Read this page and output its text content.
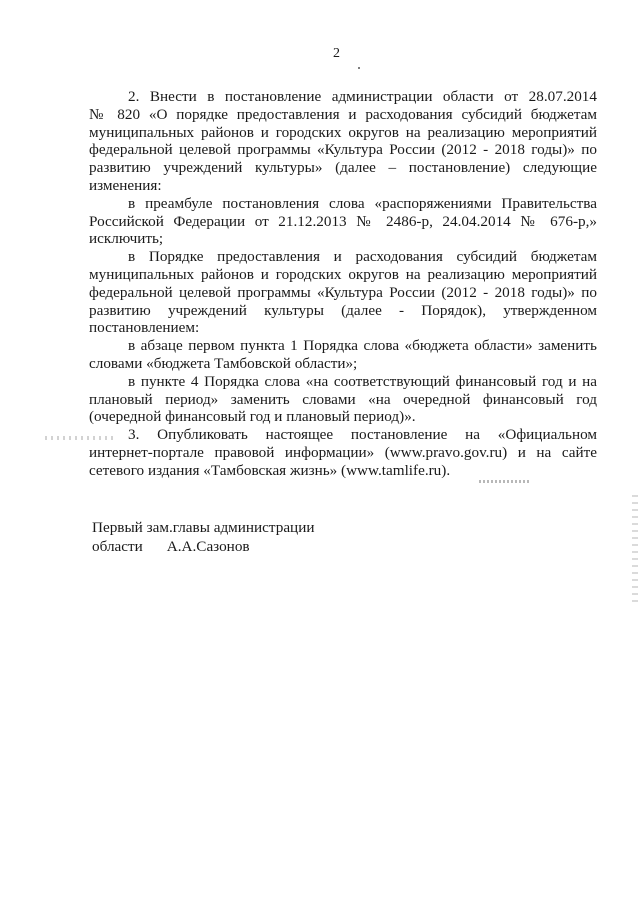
2

2. Внести в постановление администрации области от 28.07.2014
№ 820 «О порядке предоставления и расходования субсидий бюджетам
муниципальных районов и городских округов на реализацию мероприятий
федеральной целевой программы «Культура России (2012 - 2018 годы)» по
развитию учреждений культуры» (далее – постановление) следующие
изменения:

в преамбуле постановления слова «распоряжениями Правительства
Российской Федерации от 21.12.2013 № 2486-р, 24.04.2014 № 676-р,»
исключить;

в Порядке предоставления и расходования субсидий бюджетам
муниципальных районов и городских округов на реализацию мероприятий
федеральной целевой программы «Культура России (2012 - 2018 годы)» по
развитию учреждений культуры (далее - Порядок), утвержденном
постановлением:

в абзаце первом пункта 1 Порядка слова «бюджета области» заменить
словами «бюджета Тамбовской области»;

в пункте 4 Порядка слова «на соответствующий финансовый год и на
плановый период» заменить словами «на очередной финансовый год
(очередной финансовый год и плановый период)».

3. Опубликовать настоящее постановление на «Официальном
интернет-портале правовой информации» (www.pravo.gov.ru) и на сайте
сетевого издания «Тамбовская жизнь» (www.tamlife.ru).

Первый зам.главы администрации
области А.А.Сазонов
